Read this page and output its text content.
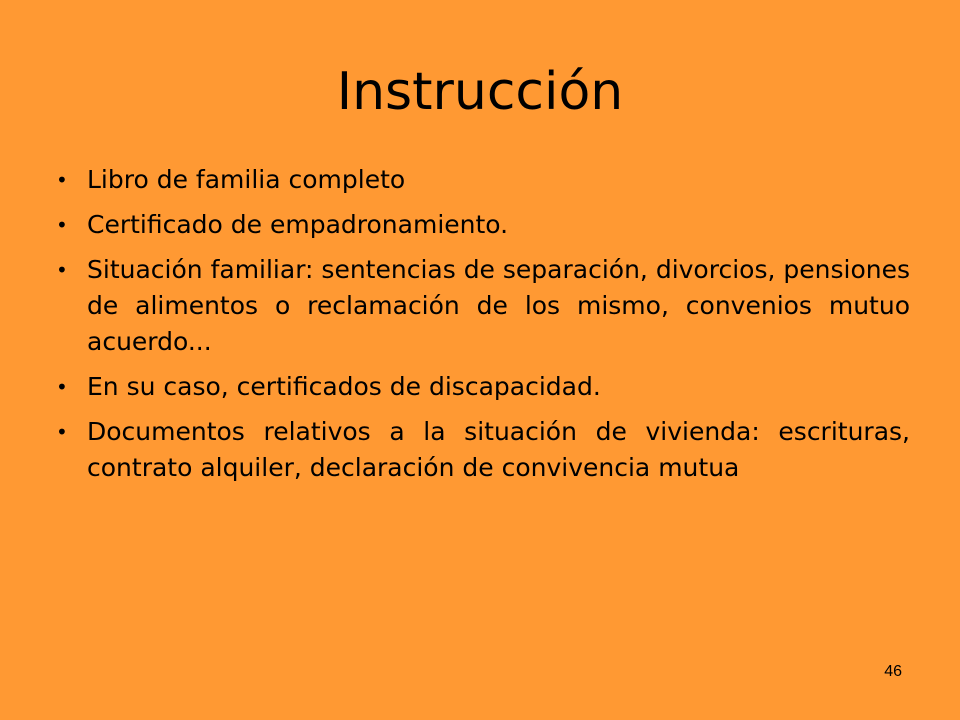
Instrucción
• Libro de familia completo
• Certificado de empadronamiento.
• Situación familiar: sentencias de separación, divorcios, pensiones de alimentos o reclamación de los mismo, convenios mutuo acuerdo...
• En su caso, certificados de discapacidad.
• Documentos relativos a la situación de vivienda: escrituras, contrato alquiler, declaración de convivencia mutua
46
